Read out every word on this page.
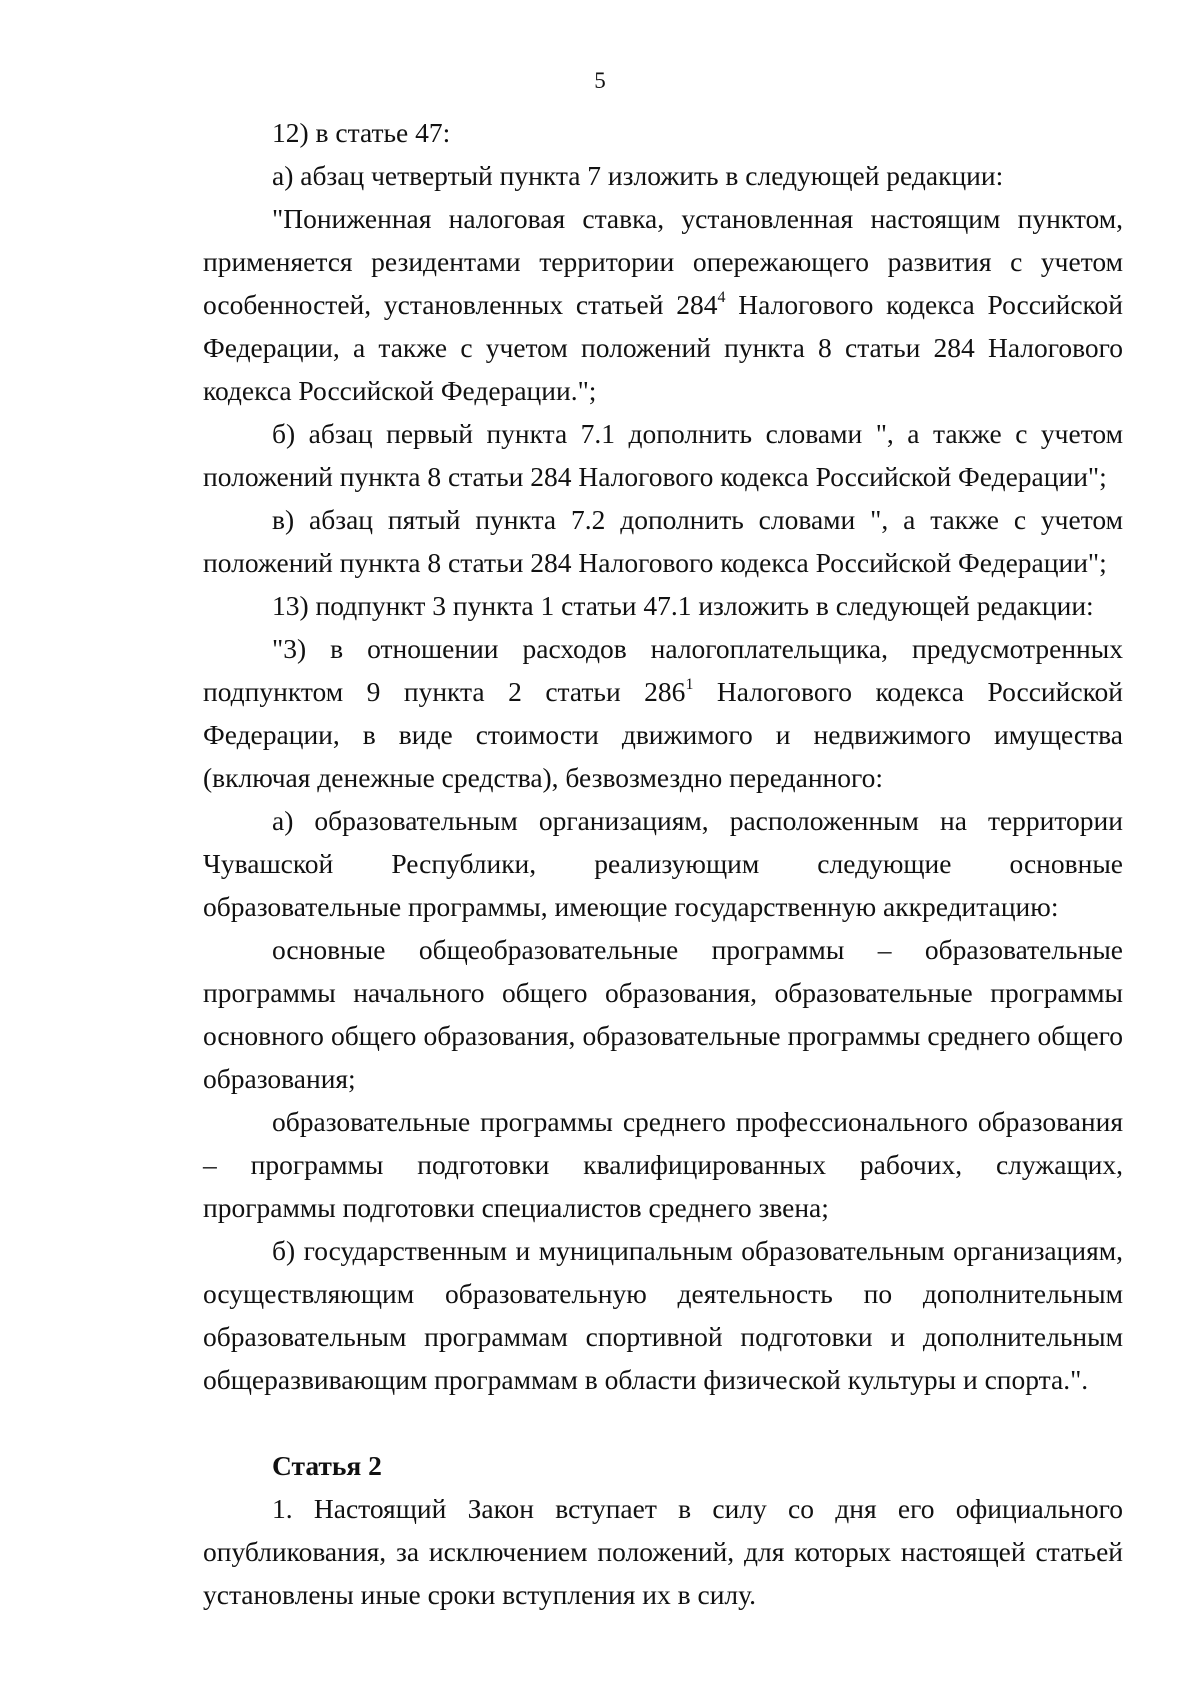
5

12) в статье 47:

а) абзац четвертый пункта 7 изложить в следующей редакции:

"Пониженная налоговая ставка, установленная настоящим пунктом, применяется резидентами территории опережающего развития с учетом особенностей, установленных статьей $284^4$ Налогового кодекса Российской Федерации, а также с учетом положений пункта 8 статьи 284 Налогового кодекса Российской Федерации.";

б) абзац первый пункта 7.1 дополнить словами ", а также с учетом положений пункта 8 статьи 284 Налогового кодекса Российской Федерации";

в) абзац пятый пункта 7.2 дополнить словами ", а также с учетом положений пункта 8 статьи 284 Налогового кодекса Российской Федерации";

13) подпункт 3 пункта 1 статьи 47.1 изложить в следующей редакции:

"3) в отношении расходов налогоплательщика, предусмотренных подпунктом 9 пункта 2 статьи $286^1$ Налогового кодекса Российской Федерации, в виде стоимости движимого и недвижимого имущества (включая денежные средства), безвозмездно переданного:

а) образовательным организациям, расположенным на территории Чувашской Республики, реализующим следующие основные образовательные программы, имеющие государственную аккредитацию:

основные общеобразовательные программы – образовательные программы начального общего образования, образовательные программы основного общего образования, образовательные программы среднего общего образования;

образовательные программы среднего профессионального образования – программы подготовки квалифицированных рабочих, служащих, программы подготовки специалистов среднего звена;

б) государственным и муниципальным образовательным организациям, осуществляющим образовательную деятельность по дополнительным образовательным программам спортивной подготовки и дополнительным общеразвивающим программам в области физической культуры и спорта.".

Статья 2

1. Настоящий Закон вступает в силу со дня его официального опубликования, за исключением положений, для которых настоящей статьей установлены иные сроки вступления их в силу.
